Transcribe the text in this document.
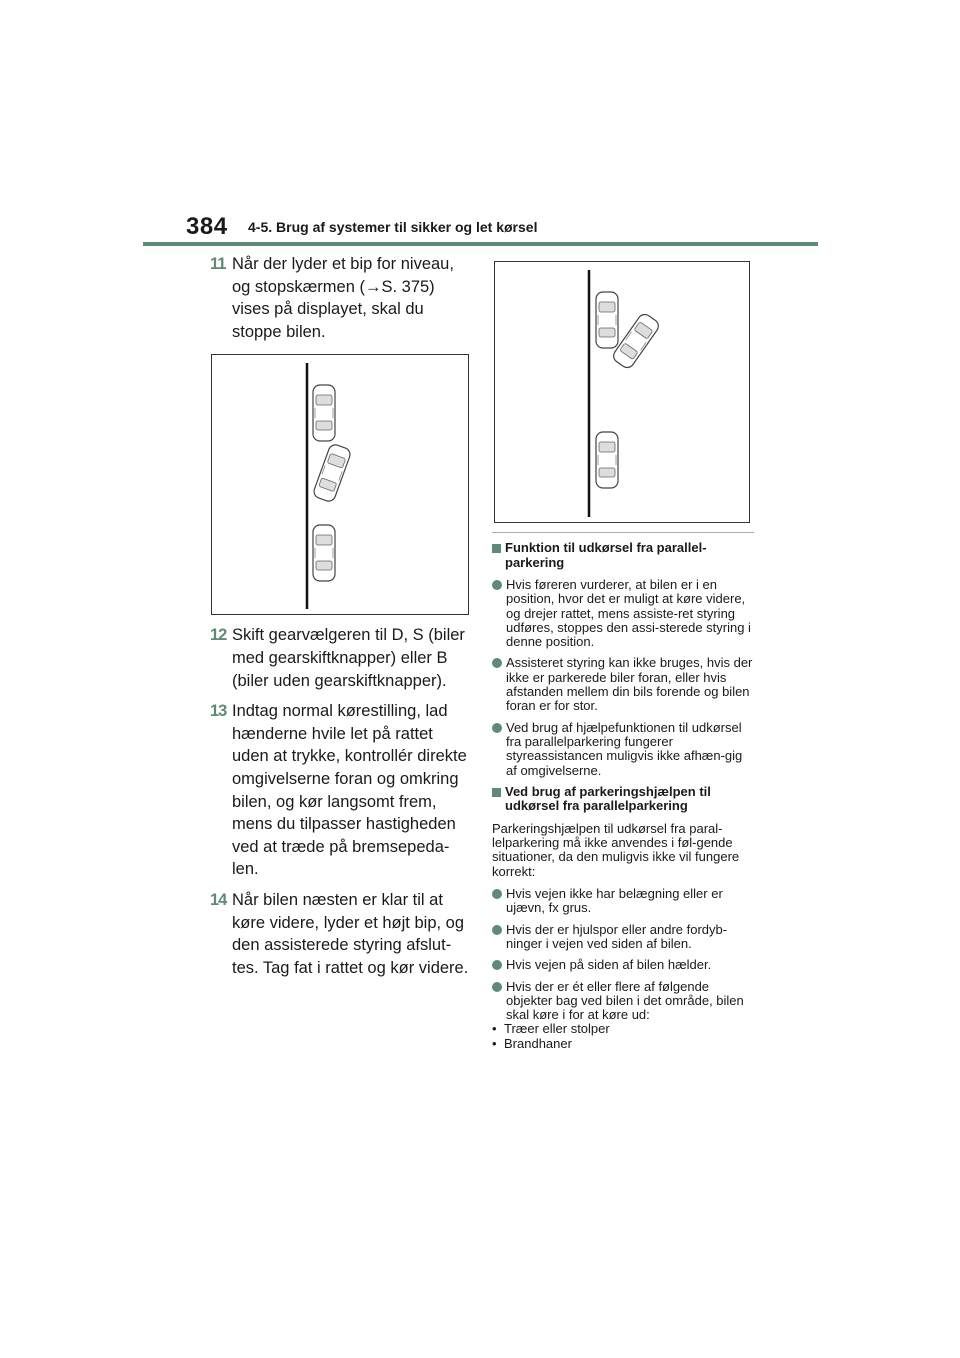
384 4-5. Brug af systemer til sikker og let kørsel
11 Når der lyder et bip for niveau, og stopskærmen (→S. 375) vises på displayet, skal du stoppe bilen.
12 Skift gearvælgeren til D, S (biler med gearskiftknapper) eller B (biler uden gearskiftknapper).
13 Indtag normal kørestilling, lad hænderne hvile let på rattet uden at trykke, kontrollér direkte omgivelserne foran og omkring bilen, og kør langsomt frem, mens du tilpasser hastigheden ved at træde på bremsepeda-len.
14 Når bilen næsten er klar til at køre videre, lyder et højt bip, og den assisterede styring afslut-tes. Tag fat i rattet og kør videre.
Funktion til udkørsel fra parallel-parkering
Hvis føreren vurderer, at bilen er i en position, hvor det er muligt at køre videre, og drejer rattet, mens assiste-ret styring udføres, stoppes den assi-sterede styring i denne position.
Assisteret styring kan ikke bruges, hvis der ikke er parkerede biler foran, eller hvis afstanden mellem din bils forende og bilen foran er for stor.
Ved brug af hjælpefunktionen til udkørsel fra parallelparkering fungerer styreassistancen muligvis ikke afhæn-gig af omgivelserne.
Ved brug af parkeringshjælpen til udkørsel fra parallelparkering
Parkeringshjælpen til udkørsel fra paral-lelparkering må ikke anvendes i føl-gende situationer, da den muligvis ikke vil fungere korrekt:
Hvis vejen ikke har belægning eller er ujævn, fx grus.
Hvis der er hjulspor eller andre fordyb-ninger i vejen ved siden af bilen.
Hvis vejen på siden af bilen hælder.
Hvis der er ét eller flere af følgende objekter bag ved bilen i det område, bilen skal køre i for at køre ud:
• Træer eller stolper
• Brandhaner
